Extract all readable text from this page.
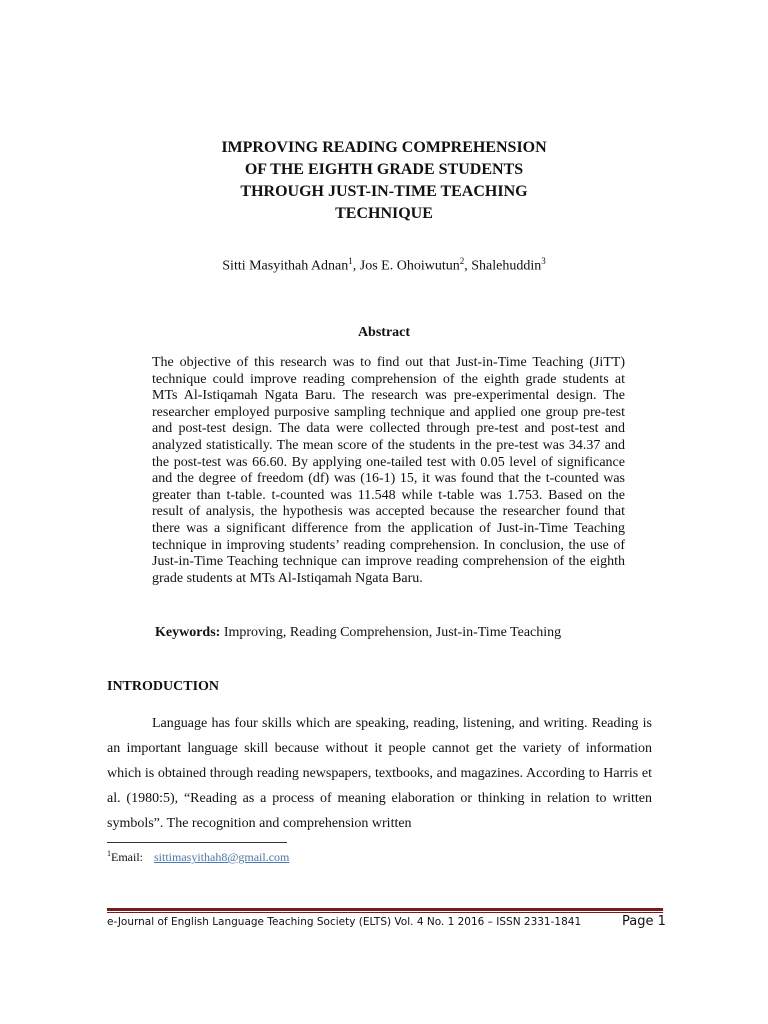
IMPROVING READING COMPREHENSION
OF THE EIGHTH GRADE STUDENTS
THROUGH JUST-IN-TIME TEACHING
TECHNIQUE
Sitti Masyithah Adnan$^1$, Jos E. Ohoiwutun$^2$, Shalehuddin$^3$
Abstract

The objective of this research was to find out that Just-in-Time Teaching (JiTT) technique could improve reading comprehension of the eighth grade students at MTs Al-Istiqamah Ngata Baru. The research was pre-experimental design. The researcher employed purposive sampling technique and applied one group pre-test and post-test design. The data were collected through pre-test and post-test and analyzed statistically. The mean score of the students in the pre-test was 34.37 and the post-test was 66.60. By applying one-tailed test with 0.05 level of significance and the degree of freedom (df) was (16-1) 15, it was found that the t-counted was greater than t-table. t-counted was 11.548 while t-table was 1.753. Based on the result of analysis, the hypothesis was accepted because the researcher found that there was a significant difference from the application of Just-in-Time Teaching technique in improving students’ reading comprehension. In conclusion, the use of Just-in-Time Teaching technique can improve reading comprehension of the eighth grade students at MTs Al-Istiqamah Ngata Baru.

Keywords: Improving, Reading Comprehension, Just-in-Time Teaching
INTRODUCTION

Language has four skills which are speaking, reading, listening, and writing. Reading is an important language skill because without it people cannot get the variety of information which is obtained through reading newspapers, textbooks, and magazines. According to Harris et al. (1980:5), “Reading as a process of meaning elaboration or thinking in relation to written symbols”. The recognition and comprehension written

$^1$Email: sittimasyithah8@gmail.com
e-Journal of English Language Teaching Society (ELTS) Vol. 4 No. 1 2016 – ISSN 2331-1841	Page 1
